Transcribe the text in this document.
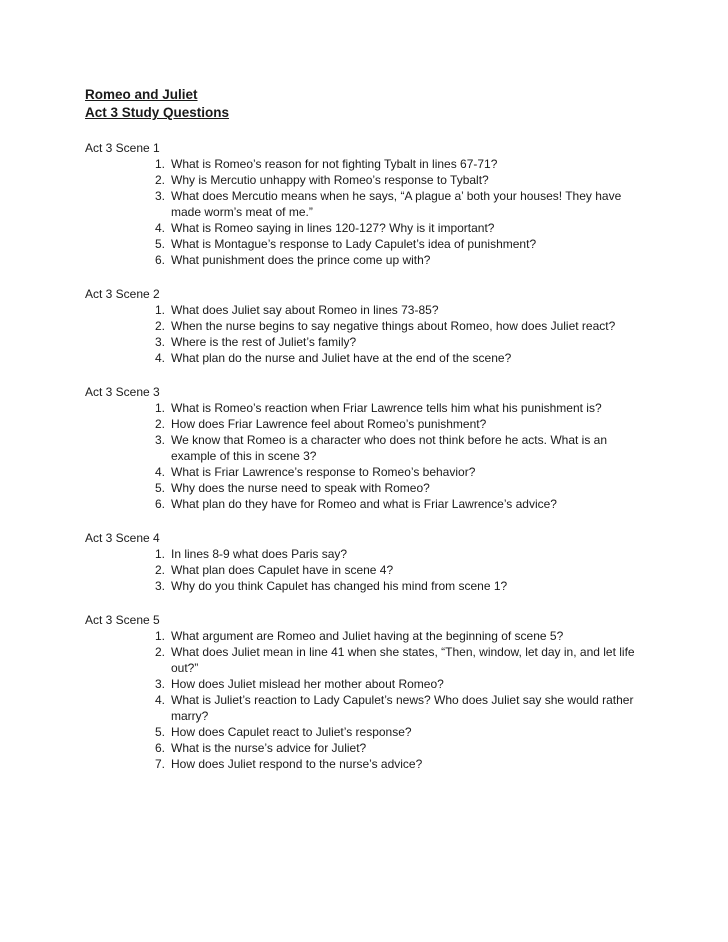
Romeo and Juliet

Act 3 Study Questions

Act 3 Scene 1

1. What is Romeo’s reason for not fighting Tybalt in lines 67-71?
2. Why is Mercutio unhappy with Romeo’s response to Tybalt?
3. What does Mercutio means when he says, “A plague a’ both your houses! They have made worm’s meat of me.”
4. What is Romeo saying in lines 120-127? Why is it important?
5. What is Montague’s response to Lady Capulet’s idea of punishment?
6. What punishment does the prince come up with?

Act 3 Scene 2

1. What does Juliet say about Romeo in lines 73-85?
2. When the nurse begins to say negative things about Romeo, how does Juliet react?
3. Where is the rest of Juliet’s family?
4. What plan do the nurse and Juliet have at the end of the scene?

Act 3 Scene 3

1. What is Romeo’s reaction when Friar Lawrence tells him what his punishment is?
2. How does Friar Lawrence feel about Romeo’s punishment?
3. We know that Romeo is a character who does not think before he acts. What is an example of this in scene 3?
4. What is Friar Lawrence’s response to Romeo’s behavior?
5. Why does the nurse need to speak with Romeo?
6. What plan do they have for Romeo and what is Friar Lawrence’s advice?

Act 3 Scene 4

1. In lines 8-9 what does Paris say?
2. What plan does Capulet have in scene 4?
3. Why do you think Capulet has changed his mind from scene 1?

Act 3 Scene 5

1. What argument are Romeo and Juliet having at the beginning of scene 5?
2. What does Juliet mean in line 41 when she states, “Then, window, let day in, and let life out?”
3. How does Juliet mislead her mother about Romeo?
4. What is Juliet’s reaction to Lady Capulet’s news? Who does Juliet say she would rather marry?
5. How does Capulet react to Juliet’s response?
6. What is the nurse’s advice for Juliet?
7. How does Juliet respond to the nurse’s advice?
